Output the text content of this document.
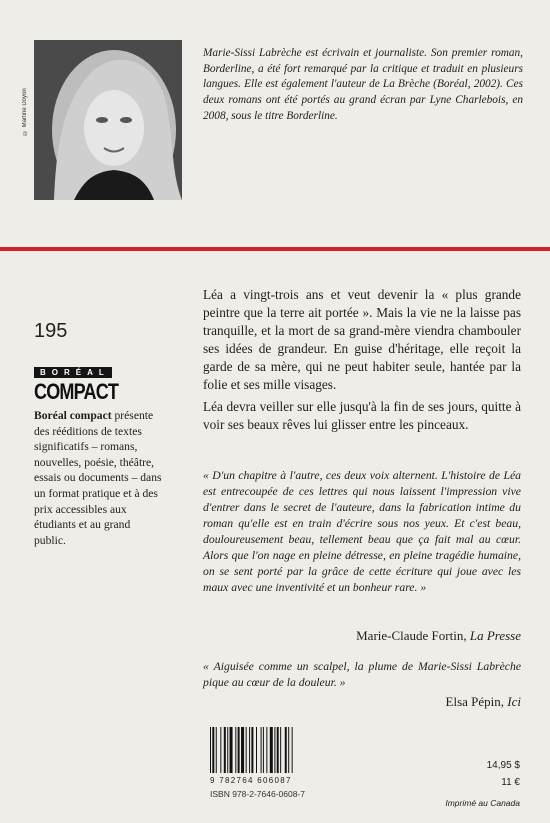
© Martine Doyon

Marie-Sissi Labrèche est écrivain et journaliste. Son premier roman, Borderline, a été fort remarqué par la critique et traduit en plusieurs langues. Elle est également l'auteur de La Brèche (Boréal, 2002). Ces deux romans ont été portés au grand écran par Lyne Charlebois, en 2008, sous le titre Borderline.

195
BORÉAL
COMPACT

Boréal compact présente des rééditions de textes significatifs – romans, nouvelles, poésie, théâtre, essais ou documents – dans un format pratique et à des prix accessibles aux étudiants et au grand public.

Léa a vingt-trois ans et veut devenir la « plus grande peintre que la terre ait portée ». Mais la vie ne la laisse pas tranquille, et la mort de sa grand-mère viendra chambouler ses idées de grandeur. En guise d'héritage, elle reçoit la garde de sa mère, qui ne peut habiter seule, hantée par la folie et ses mille visages.

Léa devra veiller sur elle jusqu'à la fin de ses jours, quitte à voir ses beaux rêves lui glisser entre les pinceaux.

« D'un chapitre à l'autre, ces deux voix alternent. L'histoire de Léa est entrecoupée de ces lettres qui nous laissent l'impression vive d'entrer dans le secret de l'auteure, dans la fabrication intime du roman qu'elle est en train d'écrire sous nos yeux. Et c'est beau, douloureusement beau, tellement beau que ça fait mal au cœur. Alors que l'on nage en pleine détresse, en pleine tragédie humaine, on se sent porté par la grâce de cette écriture qui joue avec les maux avec une inventivité et un bonheur rare. »

Marie-Claude Fortin, La Presse

« Aiguisée comme un scalpel, la plume de Marie-Sissi Labrèche pique au cœur de la douleur. »

Elsa Pépin, Ici

9 782764 606087
ISBN 978-2-7646-0608-7
14,95 $
11 €
Imprimé au Canada
